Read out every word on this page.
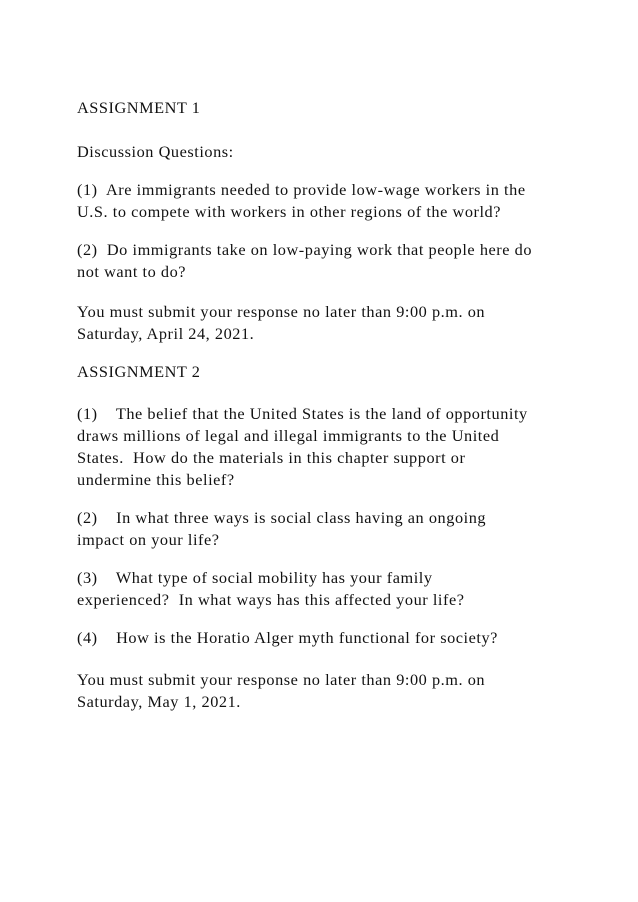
ASSIGNMENT 1

Discussion Questions:

(1)  Are immigrants needed to provide low-wage workers in the

U.S. to compete with workers in other regions of the world?

(2)  Do immigrants take on low-paying work that people here do

not want to do?

You must submit your response no later than 9:00 p.m. on

Saturday, April 24, 2021.

ASSIGNMENT 2

(1)    The belief that the United States is the land of opportunity

draws millions of legal and illegal immigrants to the United

States.  How do the materials in this chapter support or

undermine this belief?

(2)    In what three ways is social class having an ongoing

impact on your life?

(3)    What type of social mobility has your family

experienced?  In what ways has this affected your life?

(4)    How is the Horatio Alger myth functional for society?

You must submit your response no later than 9:00 p.m. on

Saturday, May 1, 2021.
